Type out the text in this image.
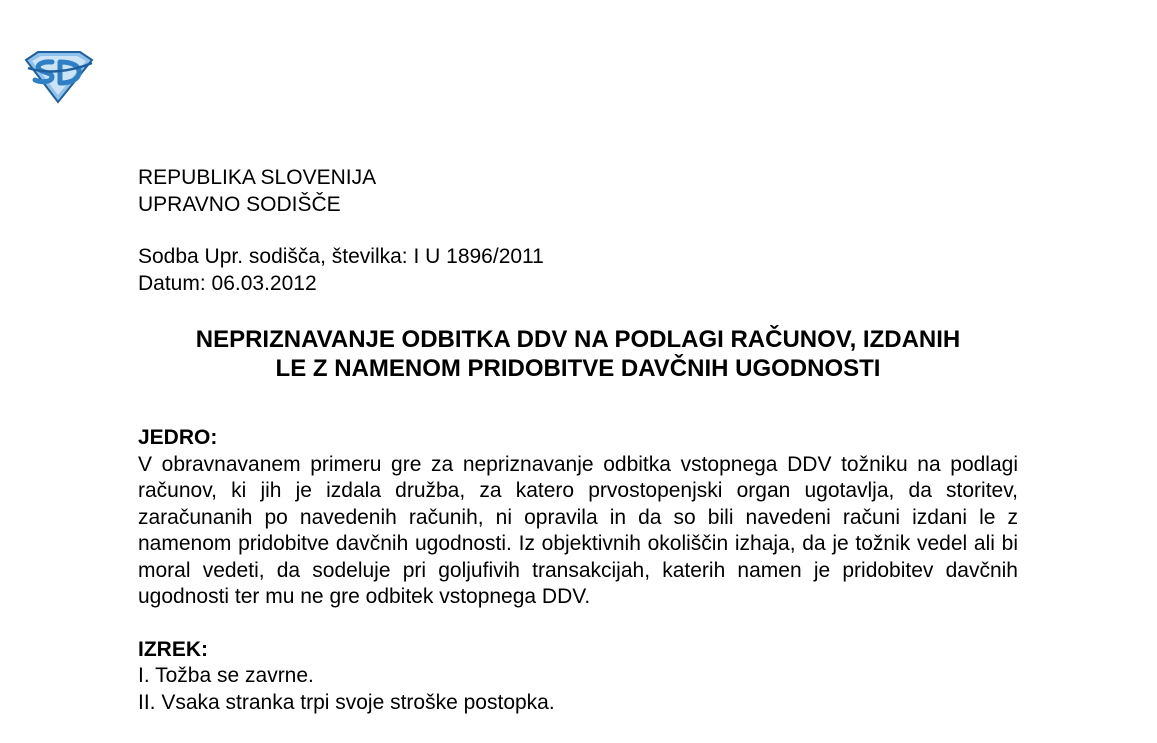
REPUBLIKA SLOVENIJA
UPRAVNO SODIŠČE
Sodba Upr. sodišča, številka: I U 1896/2011
Datum: 06.03.2012
NEPRIZNAVANJE ODBITKA DDV NA PODLAGI RAČUNOV, IZDANIH
LE Z NAMENOM PRIDOBITVE DAVČNIH UGODNOSTI
JEDRO:
V obravnavanem primeru gre za nepriznavanje odbitka vstopnega DDV tožniku na podlagi računov, ki jih je izdala družba, za katero prvostopenjski organ ugotavlja, da storitev, zaračunanih po navedenih računih, ni opravila in da so bili navedeni računi izdani le z namenom pridobitve davčnih ugodnosti. Iz objektivnih okoliščin izhaja, da je tožnik vedel ali bi moral vedeti, da sodeluje pri goljufivih transakcijah, katerih namen je pridobitev davčnih ugodnosti ter mu ne gre odbitek vstopnega DDV.
IZREK:
I. Tožba se zavrne.
II. Vsaka stranka trpi svoje stroške postopka.
